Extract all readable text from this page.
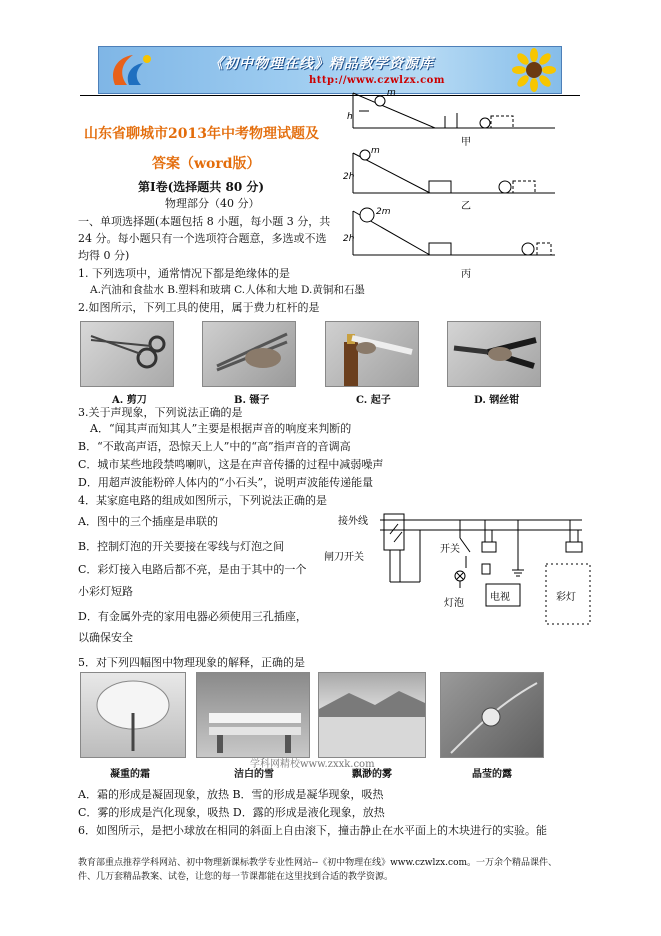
《初中物理在线》精品教学资源库
http://www.czwlzx.com
山东省聊城市2013年中考物理试题及
答案（word版）
第Ⅰ卷(选择题共 80 分)
物理部分（40 分）
m
h
甲
m
2h
乙
2m
2h
丙
一、单项选择题(本题包括 8 小题，每小题 3 分，共
24 分。每小题只有一个选项符合题意，多选或不选
均得 0 分)
1. 下列选项中，通常情况下都是绝缘体的是
A.汽油和食盐水 B.塑料和玻璃 C.人体和大地 D.黄铜和石墨
2.如图所示，下列工具的使用，属于费力杠杆的是
A. 剪刀	B. 镊子	C. 起子	D. 钢丝钳
3.关于声现象，下列说法正确的是
A．“闻其声而知其人”主要是根据声音的响度来判断的
B．“不敢高声语，恐惊天上人”中的“高”指声音的音调高
C．城市某些地段禁鸣喇叭，这是在声音传播的过程中减弱噪声
D．用超声波能粉碎人体内的“小石头”，说明声波能传递能量
4．某家庭电路的组成如图所示，下列说法正确的是
A．图中的三个插座是串联的
B．控制灯泡的开关要接在零线与灯泡之间
C．彩灯接入电路后都不亮，是由于其中的一个
小彩灯短路
D．有金属外壳的家用电器必须使用三孔插座，
以确保安全
接外线
闸刀开关
开关
灯泡
电视	彩灯
5．对下列四幅图中物理现象的解释，正确的是
学科网精校www.zxxk.com
凝重的霜	洁白的雪	飘渺的雾	晶莹的露
A．霜的形成是凝固现象，放热 B．雪的形成是凝华现象，吸热
C．雾的形成是汽化现象，吸热 D．露的形成是液化现象，放热
6．如图所示，是把小球放在相同的斜面上自由滚下，撞击静止在水平面上的木块进行的实验。能
教育部重点推荐学科网站、初中物理新课标教学专业性网站--《初中物理在线》www.czwlzx.com。一万余个精品课件、
件、几万套精品教案、试卷，让您的每一节课都能在这里找到合适的教学资源。
